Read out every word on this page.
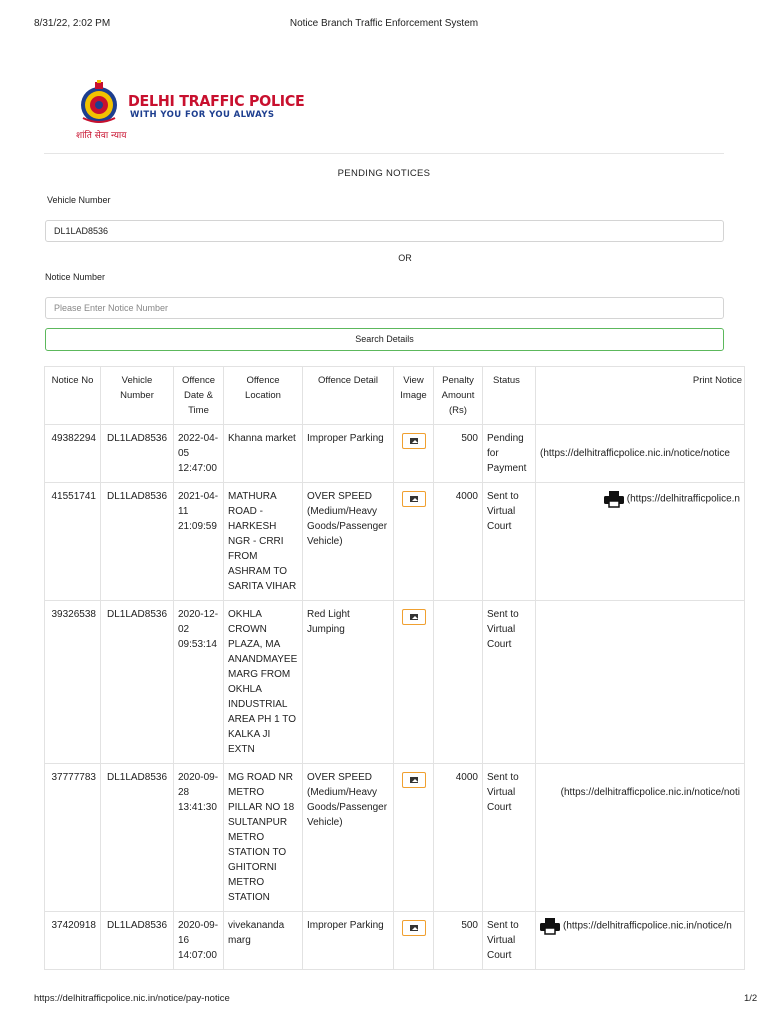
8/31/22, 2:02 PM	Notice Branch Traffic Enforcement System
DELHI TRAFFIC POLICE
WITH YOU FOR YOU ALWAYS
शांति सेवा न्याय
PENDING NOTICES
Vehicle Number
DL1LAD8536
OR
Notice Number
Please Enter Notice Number
Search Details
Notice No	Vehicle Number	Offence Date & Time	Offence Location	Offence Detail	View Image	Penalty Amount (Rs)	Status	Print Notice
49382294	DL1LAD8536	2022-04-05 12:47:00	Khanna market	Improper Parking		500	Pending for Payment	(https://delhitrafficpolice.nic.in/notice/notice
41551741	DL1LAD8536	2021-04-11 21:09:59	MATHURA ROAD - HARKESH NGR - CRRI FROM ASHRAM TO SARITA VIHAR	OVER SPEED (Medium/Heavy Goods/Passenger Vehicle)		4000	Sent to Virtual Court	(https://delhitrafficpolice.n
39326538	DL1LAD8536	2020-12-02 09:53:14	OKHLA CROWN PLAZA, MA ANANDMAYEE MARG FROM OKHLA INDUSTRIAL AREA PH 1 TO KALKA JI EXTN	Red Light Jumping			Sent to Virtual Court	
37777783	DL1LAD8536	2020-09-28 13:41:30	MG ROAD NR METRO PILLAR NO 18 SULTANPUR METRO STATION TO GHITORNI METRO STATION	OVER SPEED (Medium/Heavy Goods/Passenger Vehicle)		4000	Sent to Virtual Court	(https://delhitrafficpolice.nic.in/notice/noti
37420918	DL1LAD8536	2020-09-16 14:07:00	vivekananda marg	Improper Parking		500	Sent to Virtual Court	(https://delhitrafficpolice.nic.in/notice/n
https://delhitrafficpolice.nic.in/notice/pay-notice	1/2
